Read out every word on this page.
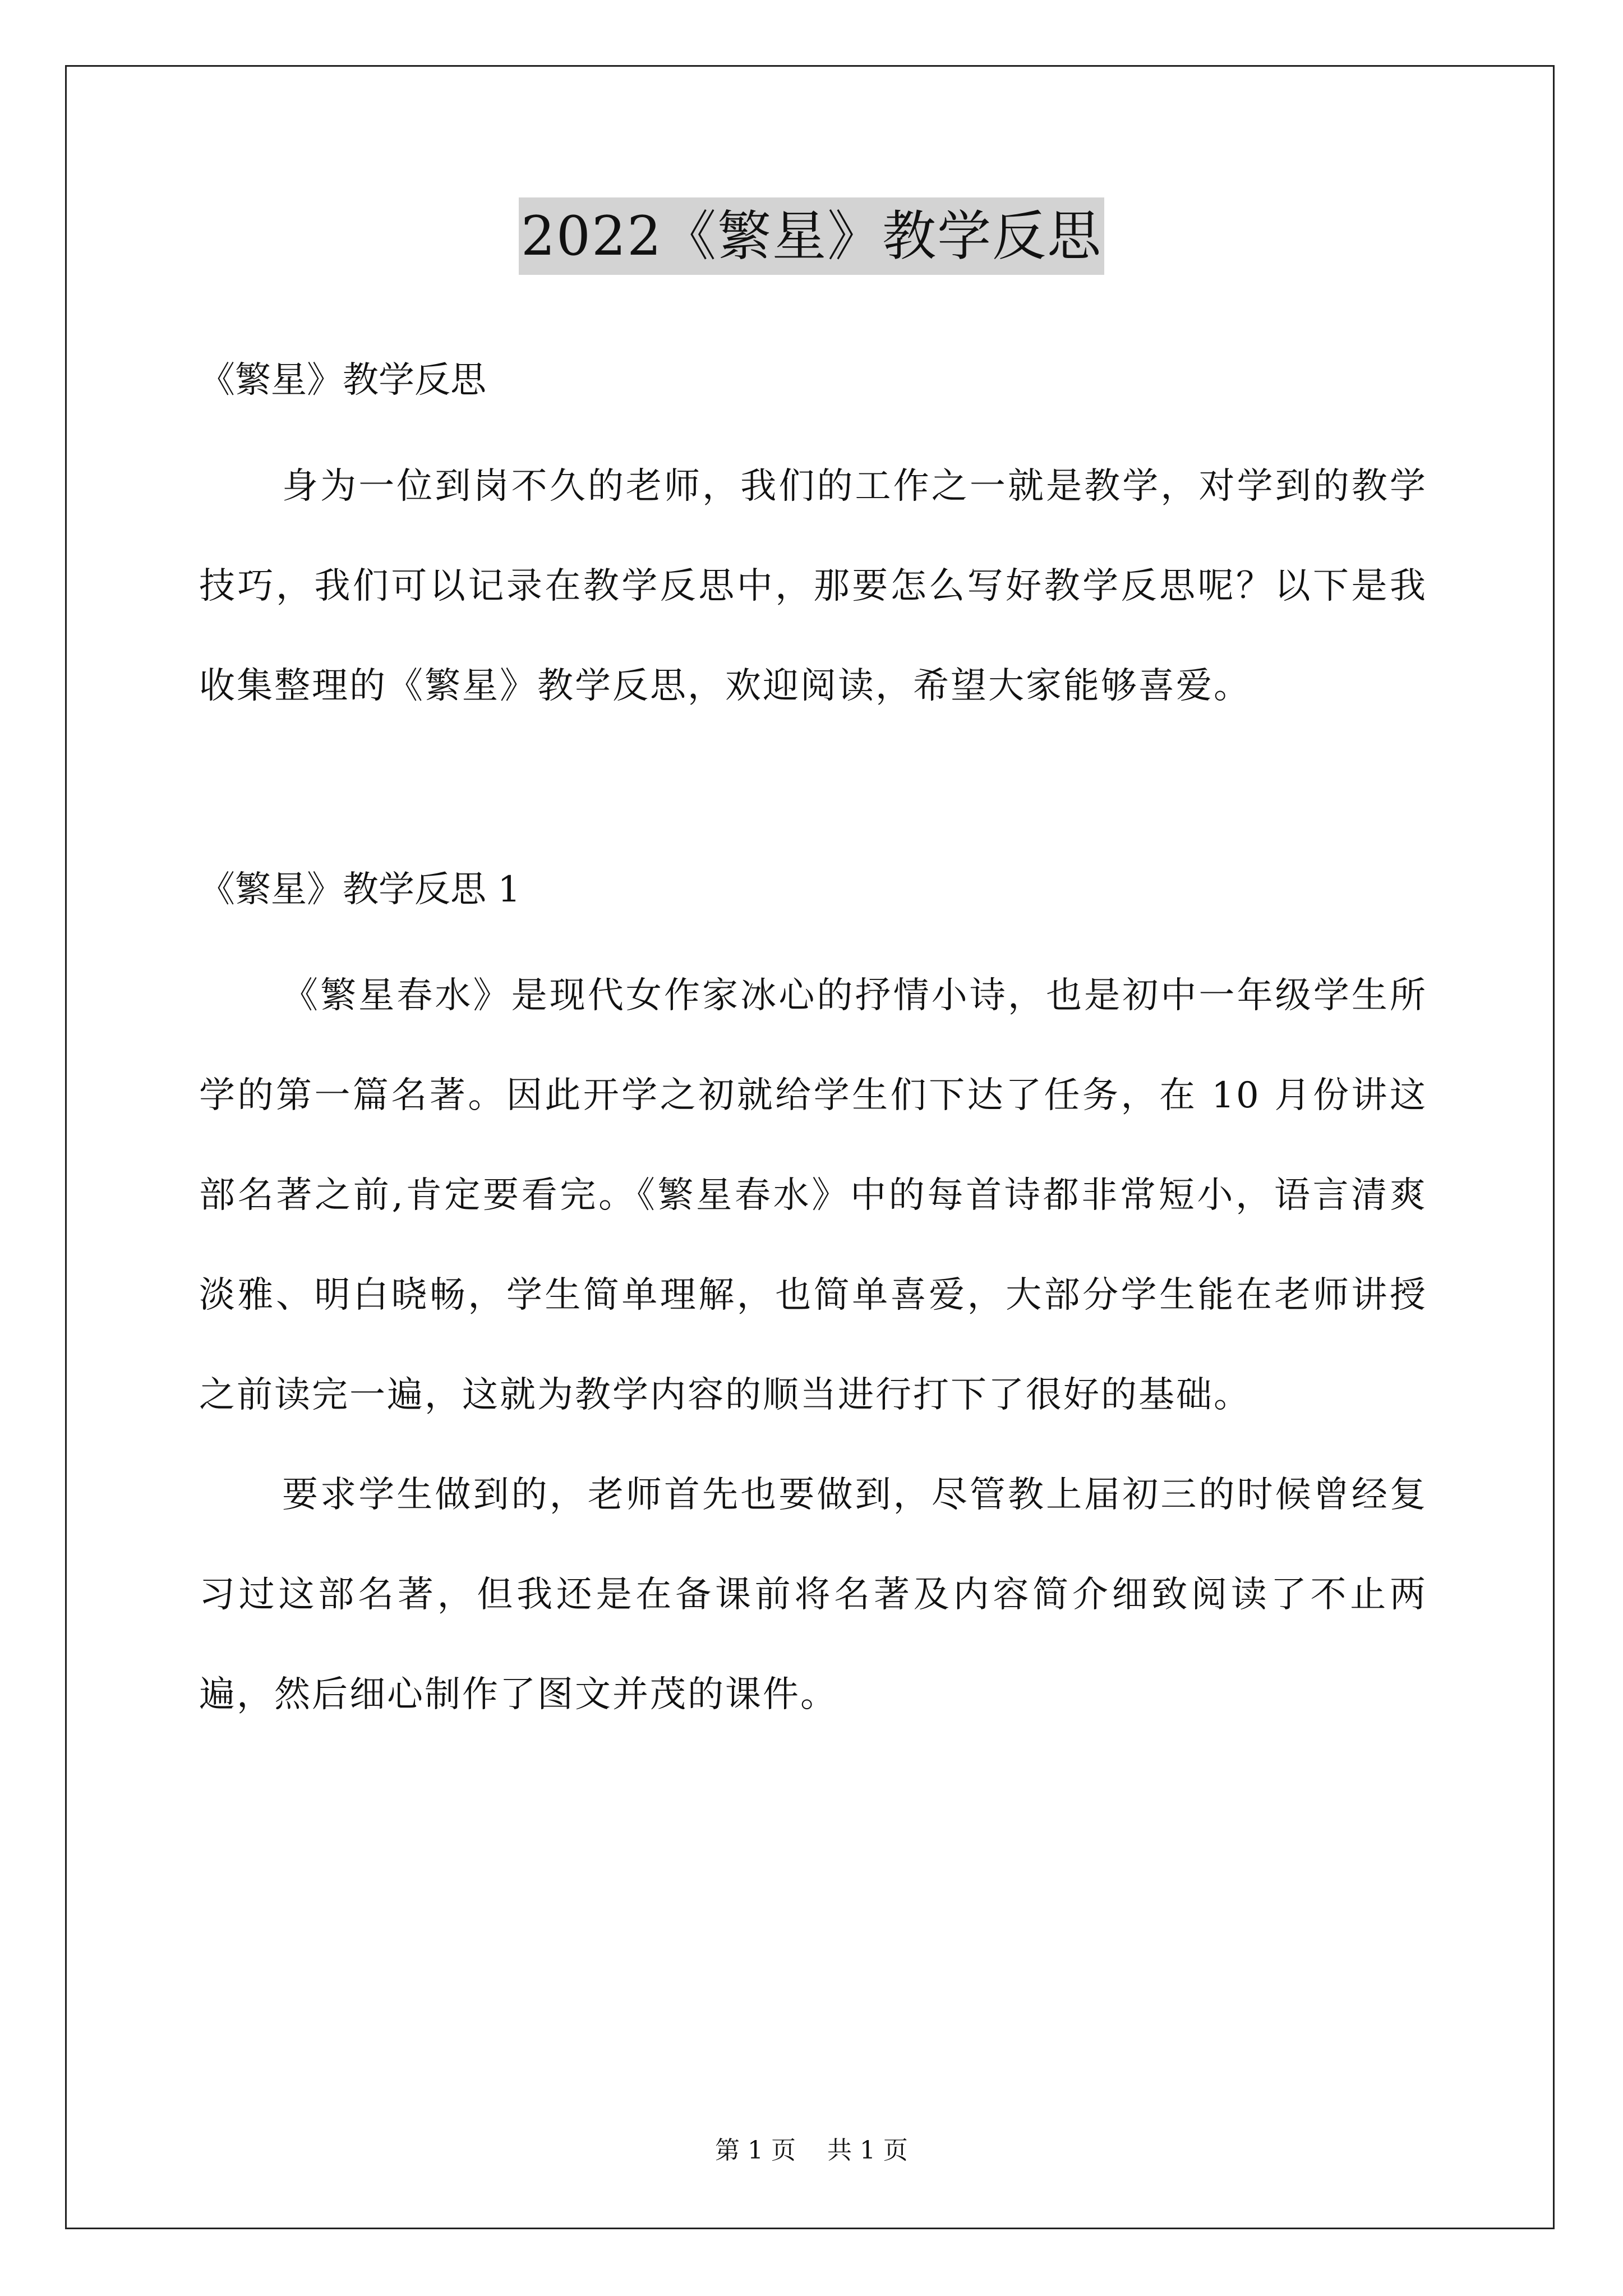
2022《繁星》教学反思

《繁星》教学反思

身为一位到岗不久的老师，我们的工作之一就是教学，对学到的教学技巧，我们可以记录在教学反思中，那要怎么写好教学反思呢？以下是我收集整理的《繁星》教学反思，欢迎阅读，希望大家能够喜爱。

《繁星》教学反思 1

《繁星春水》是现代女作家冰心的抒情小诗，也是初中一年级学生所学的第一篇名著。因此开学之初就给学生们下达了任务，在 10 月份讲这部名著之前,肯定要看完。《繁星春水》中的每首诗都非常短小，语言清爽淡雅、明白晓畅，学生简单理解，也简单喜爱，大部分学生能在老师讲授之前读完一遍，这就为教学内容的顺当进行打下了很好的基础。

要求学生做到的，老师首先也要做到，尽管教上届初三的时候曾经复习过这部名著，但我还是在备课前将名著及内容简介细致阅读了不止两遍，然后细心制作了图文并茂的课件。

第 1 页    共 1 页
